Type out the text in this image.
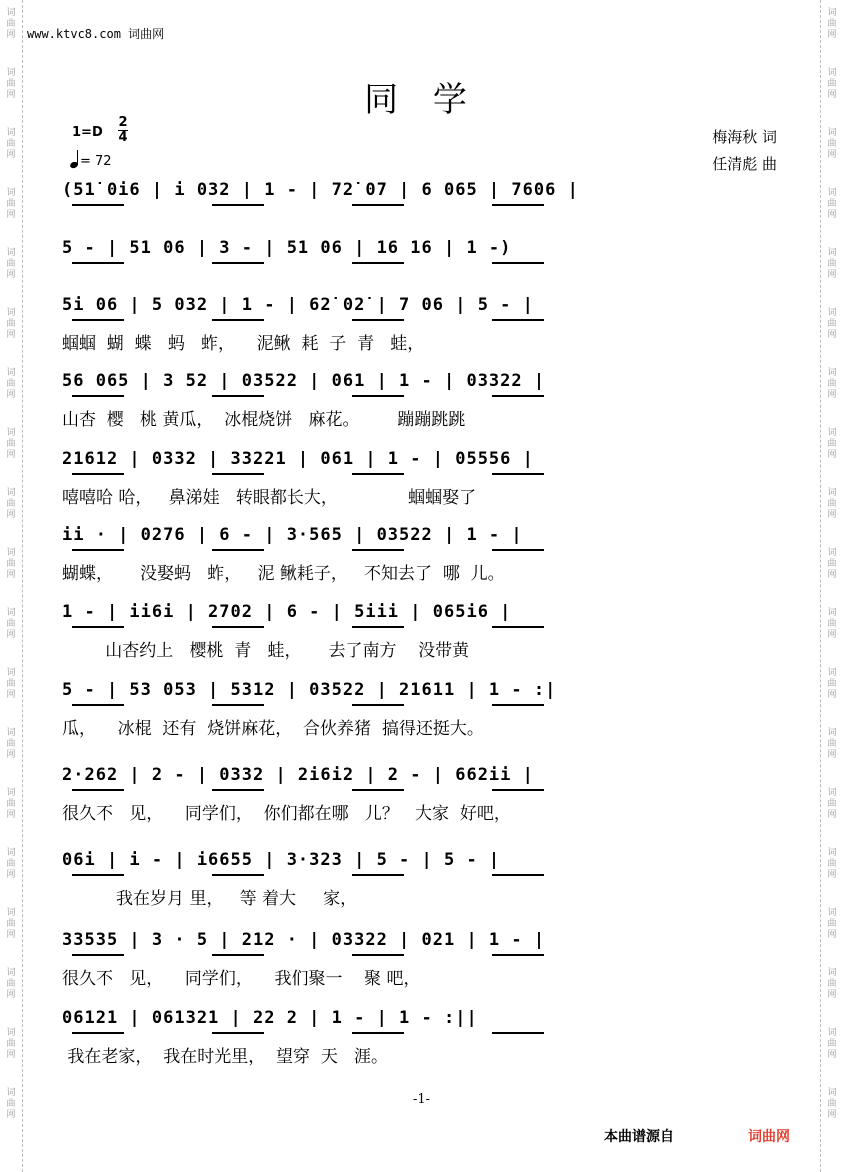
词
曲
网
词
曲
网
词
曲
网
词
曲
网
词
曲
网
词
曲
网
词
曲
网
词
曲
网
词
曲
网
词
曲
网
词
曲
网
词
曲
网
词
曲
网
词
曲
网
词
曲
网
词
曲
网
词
曲
网
词
曲
网
词
曲
网
词
曲
网
词
曲
网
词
曲
网
词
曲
网
词
曲
网
词
曲
网
词
曲
网
词
曲
网
词
曲
网
词
曲
网
词
曲
网
词
曲
网
词
曲
网
词
曲
网
词
曲
网
词
曲
网
词
曲
网
词
曲
网
词
曲
网
www.ktvc8.com 词曲网
同 学
1=D
2
4
= 72
梅海秋 词
任清彪 曲
(51̇ 0i6 | i 032 | 1 - | 72̇ 07 | 6 065 | 7606 |
5 - | 51 06 | 3 - | 51 06 | 16 16 | 1 -)
5i 06 | 5 032 | 1 - | 62̇ 02̇ | 7 06 | 5 - |
蝈蝈  蝴  蝶   蚂   蚱，    泥鳅  耗  子  青   蛙，
56 065 | 3 52 | 03522 | 061 | 1 - | 03322 |
山杏  樱   桃 黄瓜，  冰棍烧饼   麻花。       蹦蹦跳跳
21612 | 0332 | 33221 | 061 | 1 - | 05556 |
嘻嘻哈 哈，   鼻涕娃   转眼都长大，             蝈蝈娶了
ii · | 0276 | 6 - | 3·565 | 03522 | 1 - |
蝴蝶，     没娶蚂   蚱，   泥 鳅耗子，   不知去了  哪  儿。
1 - | ii6i | 2702 | 6 - | 5iii | 065i6 |
山杏约上   樱桃  青   蛙，     去了南方    没带黄
5 - | 53 053 | 5312 | 03522 | 21611 | 1 - :|
瓜，    冰棍  还有  烧饼麻花，  合伙养猪  搞得还挺大。
2·262 | 2 - | 0332 | 2i6i2 | 2 - | 662ii |
很久不   见，    同学们，  你们都在哪   儿？   大家  好吧，
06i | i - | i6655 | 3·323 | 5 - | 5 - |
我在岁月 里，   等 着大     家，
33535 | 3 · 5 | 212 · | 03322 | 021 | 1 - |
很久不   见，    同学们，    我们聚一    聚 吧，
06121 | 061321 | 22 2 | 1 - | 1 - :||
我在老家，  我在时光里，  望穿  天   涯。
-1-
本曲谱源自	词曲网
